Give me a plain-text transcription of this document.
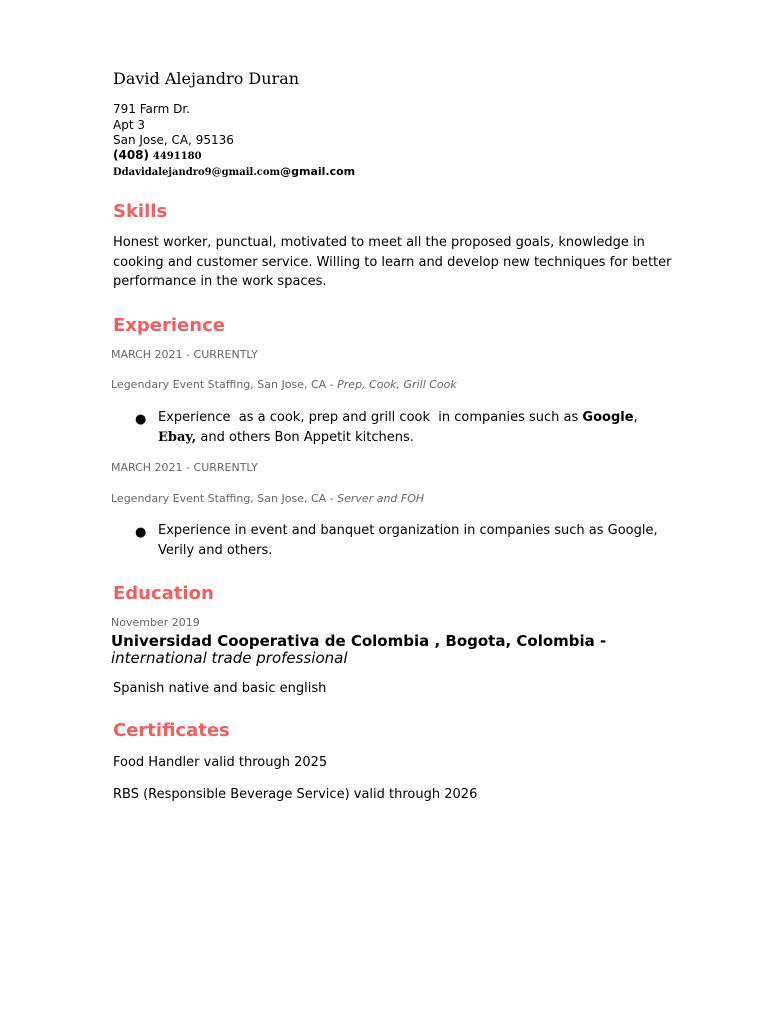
David Alejandro Duran
791 Farm Dr.
Apt 3
San Jose, CA, 95136
(408) 4491180
Ddavidalejandro9@gmail.com@gmail.com
Skills

Honest worker, punctual, motivated to meet all the proposed goals, knowledge in cooking and customer service. Willing to learn and develop new techniques for better performance in the work spaces.

Experience
MARCH 2021 - CURRENTLY
Legendary Event Staffing, San Jose, CA - Prep, Cook, Grill Cook
● Experience  as a cook, prep and grill cook  in companies such as Google, Ebay, and others Bon Appetit kitchens.
MARCH 2021 - CURRENTLY
Legendary Event Staffing, San Jose, CA - Server and FOH
● Experience in event and banquet organization in companies such as Google, Verily and others.
Education
November 2019
Universidad Cooperativa de Colombia , Bogota, Colombia -international trade professional

Spanish native and basic english

Certificates

Food Handler valid through 2025

RBS (Responsible Beverage Service) valid through 2026
